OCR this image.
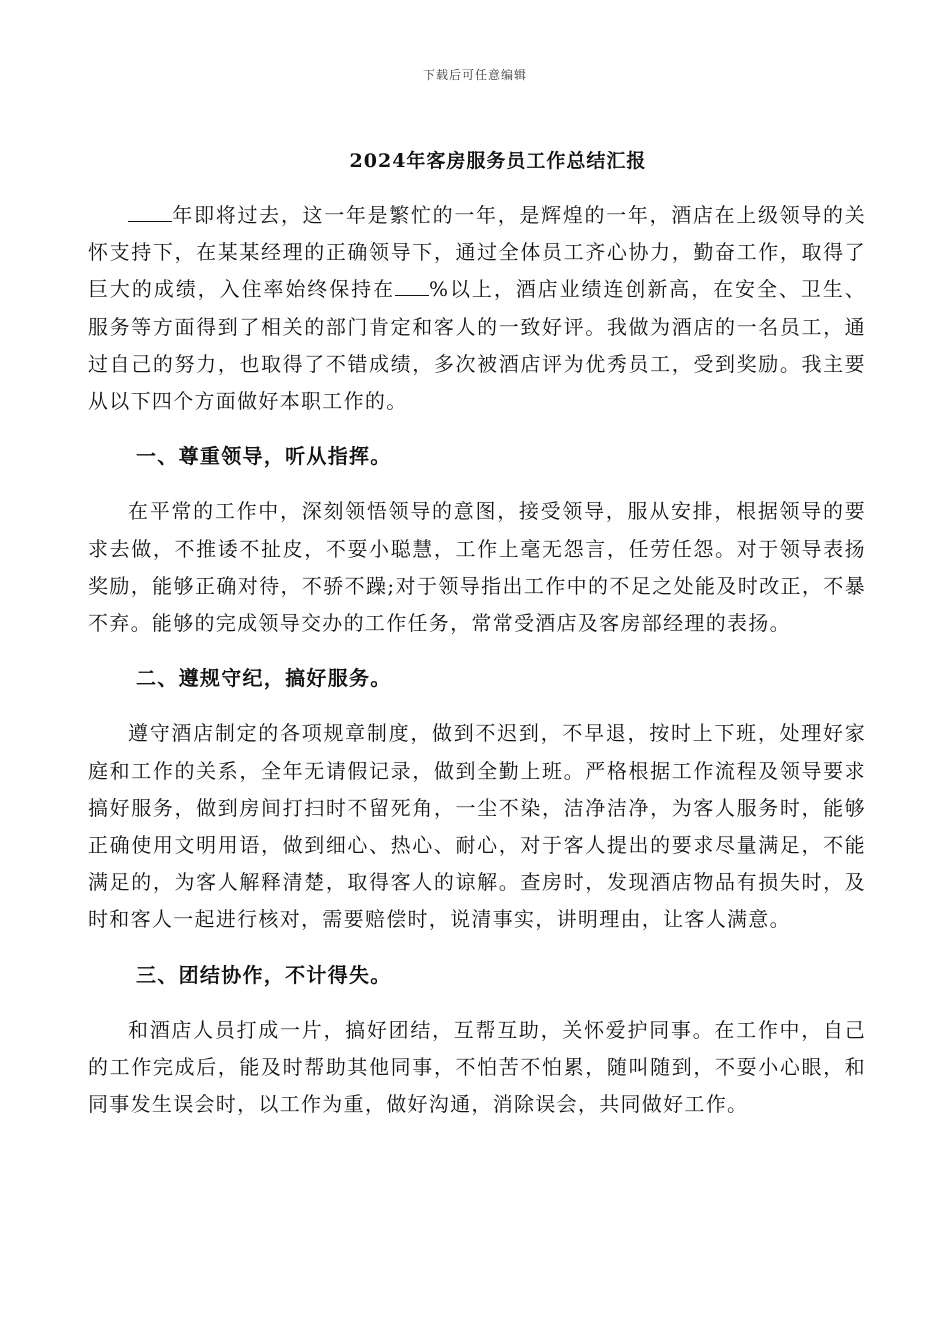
下载后可任意编辑
2024年客房服务员工作总结汇报

年即将过去，这一年是繁忙的一年，是辉煌的一年，酒店在上级领导的关怀支持下，在某某经理的正确领导下，通过全体员工齐心协力，勤奋工作，取得了巨大的成绩，入住率始终保持在 %以上，酒店业绩连创新高，在安全、卫生、服务等方面得到了相关的部门肯定和客人的一致好评。我做为酒店的一名员工，通过自己的努力，也取得了不错成绩，多次被酒店评为优秀员工，受到奖励。我主要从以下四个方面做好本职工作的。

一、尊重领导，听从指挥。

在平常的工作中，深刻领悟领导的意图，接受领导，服从安排，根据领导的要求去做，不推诿不扯皮，不耍小聪慧，工作上毫无怨言，任劳任怨。对于领导表扬奖励，能够正确对待，不骄不躁;对于领导指出工作中的不足之处能及时改正，不暴不弃。能够的完成领导交办的工作任务，常常受酒店及客房部经理的表扬。

二、遵规守纪，搞好服务。

遵守酒店制定的各项规章制度，做到不迟到，不早退，按时上下班，处理好家庭和工作的关系，全年无请假记录，做到全勤上班。严格根据工作流程及领导要求搞好服务，做到房间打扫时不留死角，一尘不染，洁净洁净，为客人服务时，能够正确使用文明用语，做到细心、热心、耐心，对于客人提出的要求尽量满足，不能满足的，为客人解释清楚，取得客人的谅解。查房时，发现酒店物品有损失时，及时和客人一起进行核对，需要赔偿时，说清事实，讲明理由，让客人满意。

三、团结协作，不计得失。

和酒店人员打成一片，搞好团结，互帮互助，关怀爱护同事。在工作中，自己的工作完成后，能及时帮助其他同事，不怕苦不怕累，随叫随到，不耍小心眼，和同事发生误会时，以工作为重，做好沟通，消除误会，共同做好工作。
